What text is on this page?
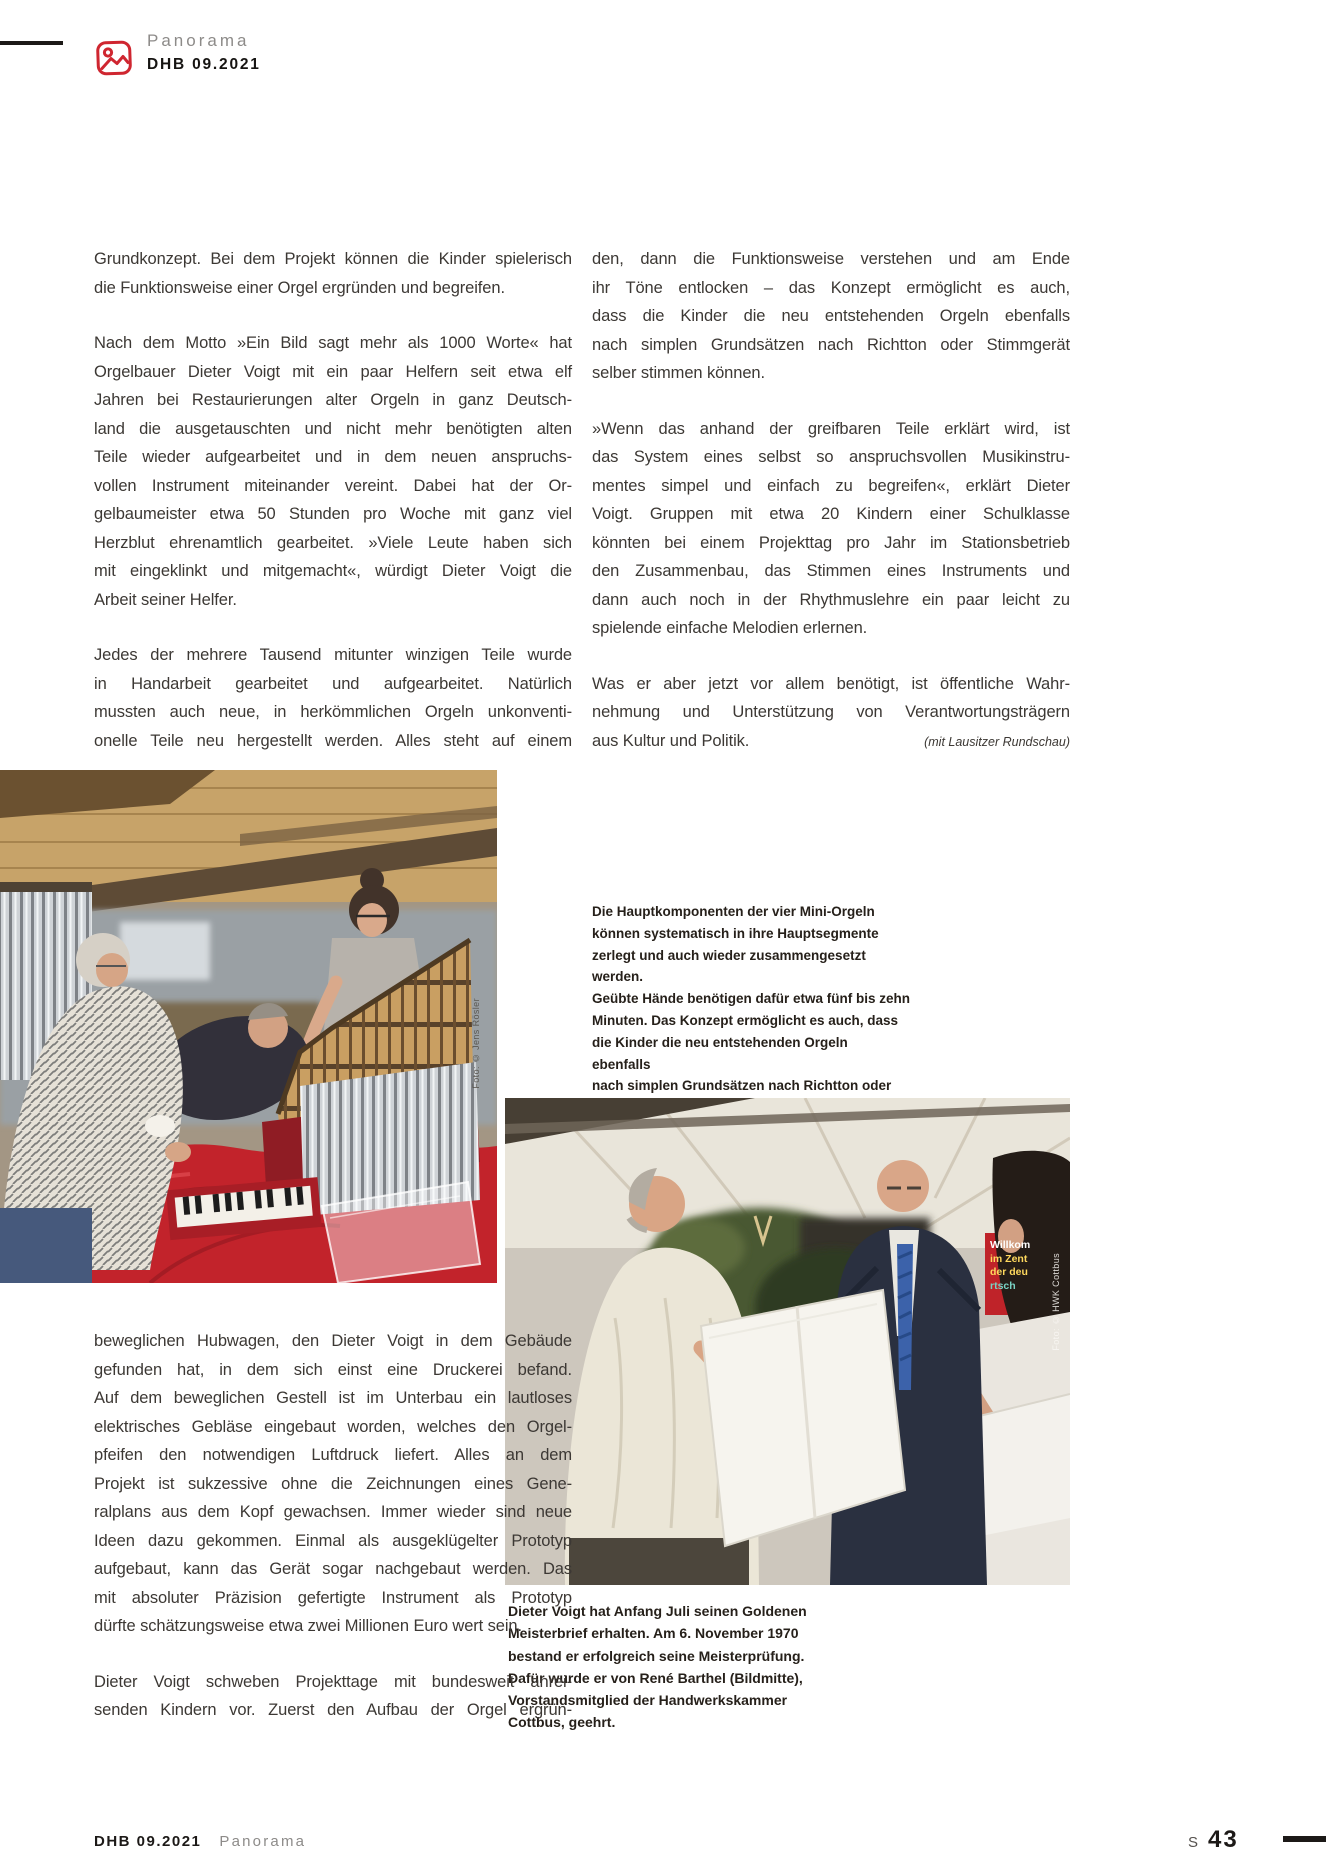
Panorama
DHB 09.2021
Grundkonzept. Bei dem Projekt können die Kinder spielerisch
die Funktionsweise einer Orgel ergründen und begreifen.
Nach dem Motto »Ein Bild sagt mehr als 1000 Worte« hat
Orgelbauer Dieter Voigt mit ein paar Helfern seit etwa elf
Jahren bei Restaurierungen alter Orgeln in ganz Deutsch-
land die ausgetauschten und nicht mehr benötigten alten
Teile wieder aufgearbeitet und in dem neuen anspruchs-
vollen Instrument miteinander vereint. Dabei hat der Or-
gelbaumeister etwa 50 Stunden pro Woche mit ganz viel
Herzblut ehrenamtlich gearbeitet. »Viele Leute haben sich
mit eingeklinkt und mitgemacht«, würdigt Dieter Voigt die
Arbeit seiner Helfer.
Jedes der mehrere Tausend mitunter winzigen Teile wurde
in Handarbeit gearbeitet und aufgearbeitet. Natürlich
mussten auch neue, in herkömmlichen Orgeln unkonventi-
onelle Teile neu hergestellt werden. Alles steht auf einem
den, dann die Funktionsweise verstehen und am Ende
ihr Töne entlocken – das Konzept ermöglicht es auch,
dass die Kinder die neu entstehenden Orgeln ebenfalls
nach simplen Grundsätzen nach Richtton oder Stimmgerät
selber stimmen können.
»Wenn das anhand der greifbaren Teile erklärt wird, ist
das System eines selbst so anspruchsvollen Musikinstru-
mentes simpel und einfach zu begreifen«, erklärt Dieter
Voigt. Gruppen mit etwa 20 Kindern einer Schulklasse
könnten bei einem Projekttag pro Jahr im Stationsbetrieb
den Zusammenbau, das Stimmen eines Instruments und
dann auch noch in der Rhythmuslehre ein paar leicht zu
spielende einfache Melodien erlernen.
Was er aber jetzt vor allem benötigt, ist öffentliche Wahr-
nehmung und Unterstützung von Verantwortungsträgern
aus Kultur und Politik.	(mit Lausitzer Rundschau)
Foto: © Jens Rösler
Die Hauptkomponenten der vier Mini-Orgeln
können systematisch in ihre Hauptsegmente
zerlegt und auch wieder zusammengesetzt werden.
Geübte Hände benötigen dafür etwa fünf bis zehn
Minuten. Das Konzept ermöglicht es auch, dass
die Kinder die neu entstehenden Orgeln ebenfalls
nach simplen Grundsätzen nach Richtton oder
Willkom
im Zent
der deu
rtsch	Foto: © HWK Cottbus
Dieter Voigt hat Anfang Juli seinen Goldenen
Meisterbrief erhalten. Am 6. November 1970
bestand er erfolgreich seine Meisterprüfung.
Dafür wurde er von René Barthel (Bildmitte),
Vorstandsmitglied der Handwerkskammer
Cottbus, geehrt.
beweglichen Hubwagen, den Dieter Voigt in dem Gebäude
gefunden hat, in dem sich einst eine Druckerei befand.
Auf dem beweglichen Gestell ist im Unterbau ein lautloses
elektrisches Gebläse eingebaut worden, welches den Orgel-
pfeifen den notwendigen Luftdruck liefert. Alles an dem
Projekt ist sukzessive ohne die Zeichnungen eines Gene-
ralplans aus dem Kopf gewachsen. Immer wieder sind neue
Ideen dazu gekommen. Einmal als ausgeklügelter Prototyp
aufgebaut, kann das Gerät sogar nachgebaut werden. Das
mit absoluter Präzision gefertigte Instrument als Prototyp
dürfte schätzungsweise etwa zwei Millionen Euro wert sein.
Dieter Voigt schweben Projekttage mit bundesweit anrei-
senden Kindern vor. Zuerst den Aufbau der Orgel ergrün-
DHB 09.2021 Panorama	S 43
